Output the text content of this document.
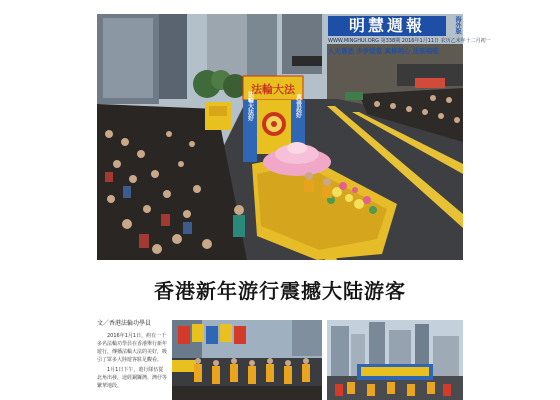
法輪大法
法輪大法好	真善忍好
明慧週報	海外版
WWW.MINGHUI.ORG 第338期 2016年1月11日 农历乙未年十二月初一
人无善恶 步步返家 真修明心 法到福临
香港新年游行震撼大陆游客
文／香港法輪功學員

2016年1月1日，約有一千多名法輪功學員在香港舉行新年遊行，傳播法輪大法的美好，吸引了眾多大陸遊客駐足觀看。

1月1日下午，遊行隊伍從北角出發，途經銅鑼灣、灣仔等繁華地段。
